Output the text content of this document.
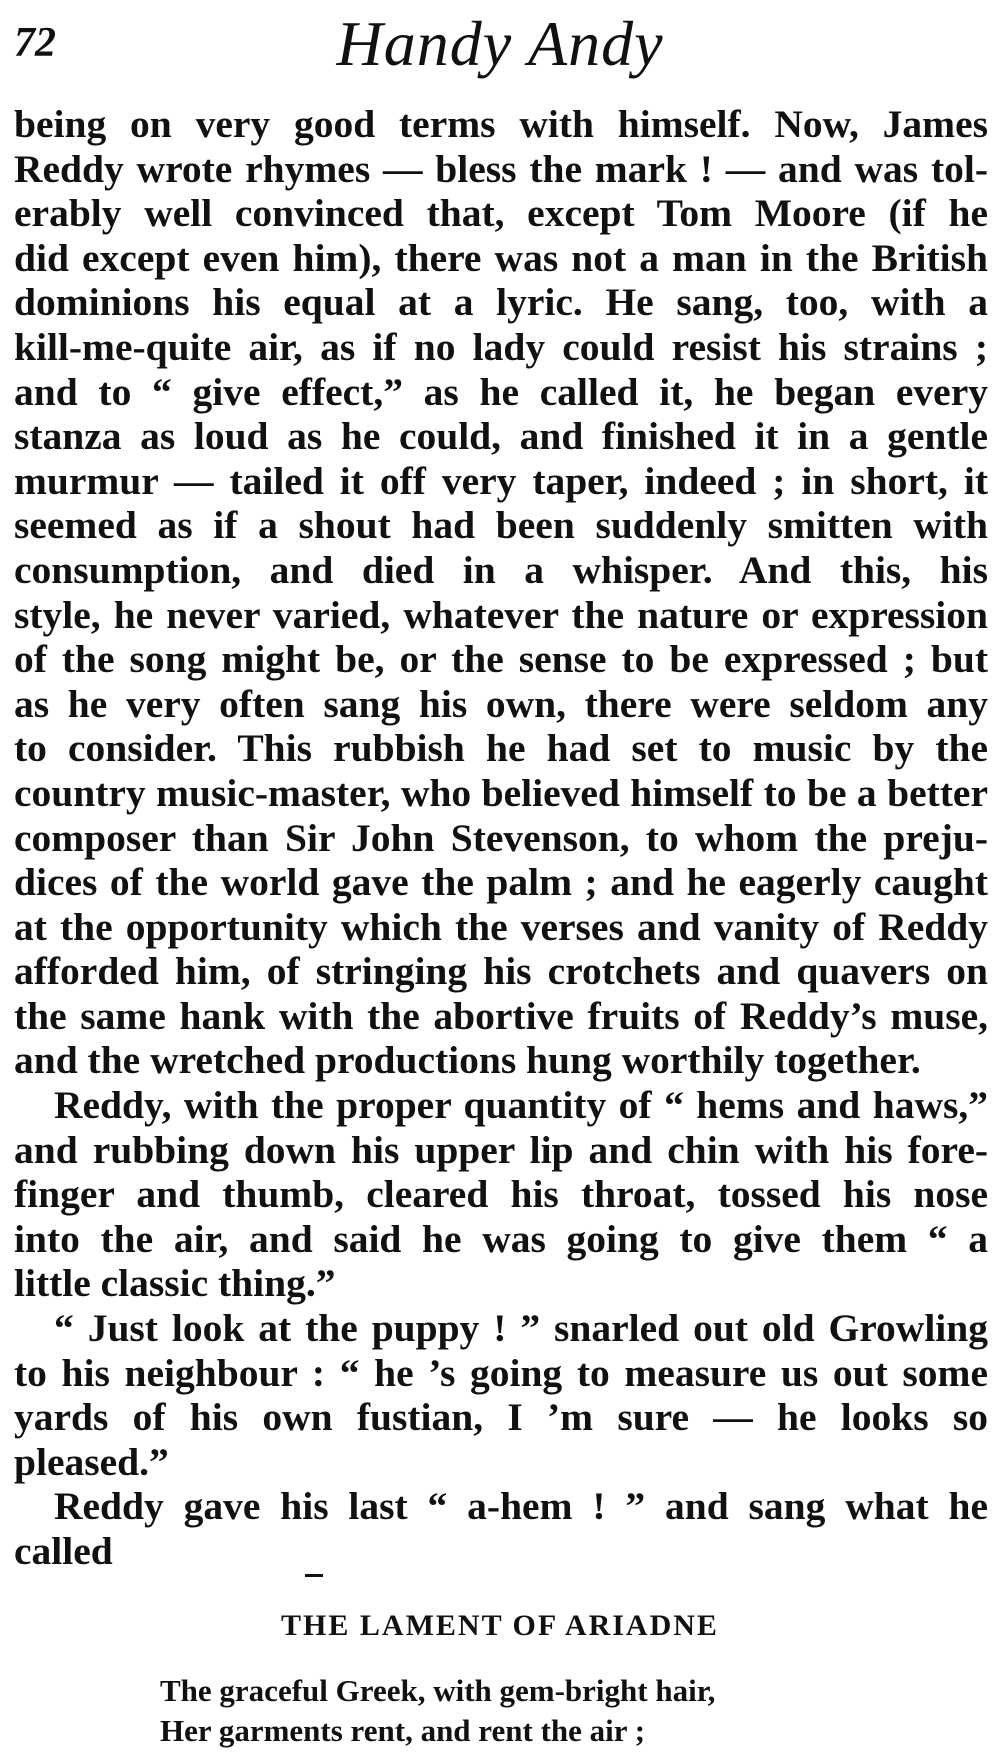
72	Handy Andy
being on very good terms with himself. Now, James
Reddy wrote rhymes — bless the mark ! — and was tol-
erably well convinced that, except Tom Moore (if he
did except even him), there was not a man in the British
dominions his equal at a lyric. He sang, too, with a
kill-me-quite air, as if no lady could resist his strains ;
and to “ give effect,” as he called it, he began every
stanza as loud as he could, and finished it in a gentle
murmur — tailed it off very taper, indeed ; in short, it
seemed as if a shout had been suddenly smitten with
consumption, and died in a whisper. And this, his
style, he never varied, whatever the nature or expression
of the song might be, or the sense to be expressed ; but
as he very often sang his own, there were seldom any
to consider. This rubbish he had set to music by the
country music-master, who believed himself to be a better
composer than Sir John Stevenson, to whom the preju-
dices of the world gave the palm ; and he eagerly caught
at the opportunity which the verses and vanity of Reddy
afforded him, of stringing his crotchets and quavers on
the same hank with the abortive fruits of Reddy’s muse,
and the wretched productions hung worthily together.
Reddy, with the proper quantity of “ hems and haws,”
and rubbing down his upper lip and chin with his fore-
finger and thumb, cleared his throat, tossed his nose
into the air, and said he was going to give them “ a
little classic thing.”
“ Just look at the puppy ! ” snarled out old Growling
to his neighbour : “ he ’s going to measure us out some
yards of his own fustian, I ’m sure — he looks so
pleased.”
Reddy gave his last “ a-hem ! ” and sang what he
called
THE LAMENT OF ARIADNE
The graceful Greek, with gem-bright hair,
Her garments rent, and rent the air ;
